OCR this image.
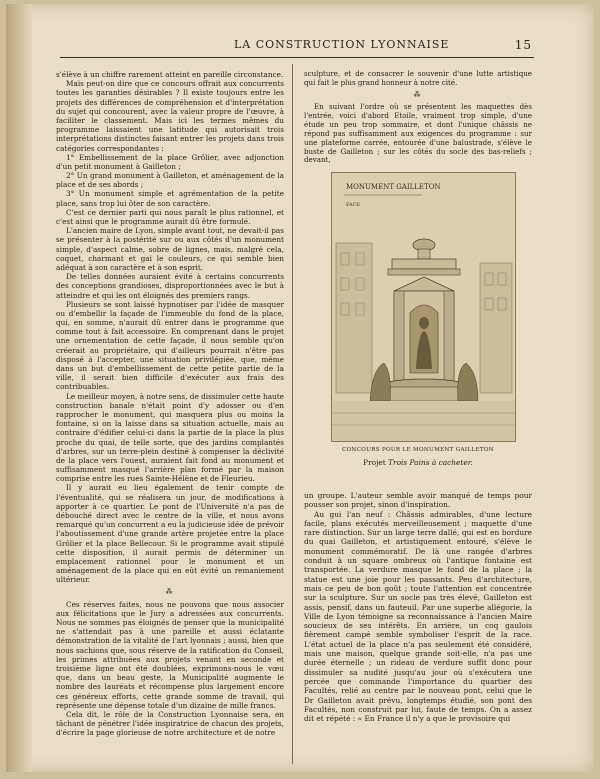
LA CONSTRUCTION LYONNAISE	15

s'élève à un chiffre rarement atteint en pareille circonstance.

Mais peut-on dire que ce concours offrait aux concurrents toutes les garanties désirables ? Il existe toujours entre les projets des différences de compréhension et d'interprétation du sujet qui concourent, avec la valeur propre de l'œuvre, à faciliter le classement. Mais ici les termes mêmes du programme laissaient une latitude qui autorisait trois interprétations distinctes faisant entrer les projets dans trois catégories correspondantes :

1° Embellissement de la place Grôlier, avec adjonction d'un petit monument à Gailleton ;

2° Un grand monument à Gailleton, et aménagement de la place et de ses abords ;

3° Un monument simple et agrémentation de la petite place, sans trop lui ôter de son caractère.

C'est ce dernier parti qui nous paraît le plus rationnel, et c'est ainsi que le programme aurait dû être formulé.

L'ancien maire de Lyon, simple avant tout, ne devait-il pas se présenter à la postérité sur ou aux côtés d'un monument simple, d'aspect calme, sobre de lignes, mais, malgré cela, coquet, charmant et gai le couleurs, ce qui semble bien adéquat à son caractère et à son esprit.

De telles données auraient évité à certains concurrents des conceptions grandioses, disproportionnées avec le but à atteindre et qui les ont éloignés des premiers rangs.

Plusieurs se sont laissé hypnotiser par l'idée de masquer ou d'embellir la façade de l'immeuble du fond de la place, qui, en somme, n'aurait dû entrer dans le programme que comme tout à fait accessoire. En comprenant dans le projet une ornementation de cette façade, il nous semble qu'on créerait au propriétaire, qui d'ailleurs pourrait n'être pas disposé à l'accepter, une situation privilégiée, que, même dans un but d'embellissement de cette petite partie de la ville, il serait bien difficile d'exécuter aux frais des contribuables.

Le meilleur moyen, à notre sens, de dissimuler cette haute construction banale n'était point d'y adosser ou d'en rapprocher le monument, qui masquera plus ou moins la fontaine, si on la laisse dans sa situation actuelle, mais au contraire d'édifier celui-ci dans la partie de la place la plus proche du quai, de telle sorte, que des jardins complantés d'arbres, sur un terre-plein destiné à compenser la déclivité de la place vers l'ouest, auraient fait fond au monument et suffisamment masqué l'arrière plan formé par la maison comprise entre les rues Sainte-Hélène et de Fleurieu.

Il y aurait eu lieu également de tenir compte de l'éventualité, qui se réalisera un jour, de modifications à apporter à ce quartier. Le pont de l'Université n'a pas de débouché direct avec le centre de la ville, et nous avons remarqué qu'un concurrent a eu la judicieuse idée de prévoir l'aboutissement d'une grande artère projetée entre la place Grôlier et la place Bellecour. Si le programme avait stipulé cette disposition, il aurait permis de déterminer un emplacement rationnel pour le monument et un aménagement de la place qui en eût évité un remaniement ultérieur.

⁂

Ces réserves faites, nous ne pouvons que nous associer aux félicitations que le Jury a adressées aux concurrents. Nous ne sommes pas éloignés de penser que la municipalité ne s'attendait pas à une pareille et aussi éclatante démonstration de la vitalité de l'art lyonnais ; aussi, bien que nous sachions que, sous réserve de la ratification du Conseil, les primes attribuées aux projets venant en seconde et troisième ligne ont été doublées, exprimons-nous le vœu que, dans un beau geste, la Municipalité augmente le nombre des lauréats et récompense plus largement encore ces généreux efforts, cette grande somme de travail, qui représente une dépense totale d'un dizaine de mille francs.

Cela dit, le rôle de la Construction Lyonnaise sera, en tâchant de pénétrer l'idée inspiratrice de chacun des projets, d'écrire la page glorieuse de notre architecture et de notre

sculpture, et de consacrer le souvenir d'une lutte artistique qui fait le plus grand honneur à notre cité.

⁂

En suivant l'ordre où se présentent les maquettes dès l'entrée, voici d'abord Etoile, vraiment trop simple, d'une étude un peu trop sommaire, et dont l'unique châssis ne répond pas suffisamment aux exigences du programme : sur une plateforme carrée, entourée d'une balustrade, s'élève le buste de Gailleton ; sur les côtés du socle des bas-reliefs ; devant,

MONUMENT GAILLETON
FACE
CONCOURS POUR LE MONUMENT GAILLETON
Projet Trois Pains à cacheter.

un groupe. L'auteur semble avoir manqué de temps pour pousser son projet, sinon d'inspiration.

Au gui l'an neuf : Châssis admirables, d'une lecture facile, plans exécutés merveilleusement ; maquette d'une rare distinction. Sur un large terre dallé, qui est en bordure du quai Gailleton, et artistiquement entouré, s'élève le monument commémoratif. De là une rangée d'arbres conduit à un square ombreux où l'antique fontaine est transportée. La verdure masque le fond de la place ; la statue est une joie pour les passants. Peu d'architecture, mais ce peu de bon goût ; toute l'attention est concentrée sur la sculpture. Sur un socle pas très élevé, Gailleton est assis, pensif, dans un fauteuil. Par une superbe allégorie, la Ville de Lyon témoigne sa reconnaissance à l'ancien Maire soucieux de ses intérêts. En arrière, un coq gaulois fièrement campé semble symboliser l'esprit de la race. L'état actuel de la place n'a pas seulement été considéré, mais une maison, quelque grande soit-elle, n'a pas une durée éternelle ; un rideau de verdure suffit donc pour dissimuler sa nudité jusqu'au jour où s'exécutera une percée que commande l'importance du quartier des Facultés, relié au centre par le nouveau pont, celui que le Dr Gailleton avait prévu, longtemps étudié, son pont des Facultés, non construit par lui, faute de temps. On a assez dit et répété : « En France il n'y a que le provisoire qui
